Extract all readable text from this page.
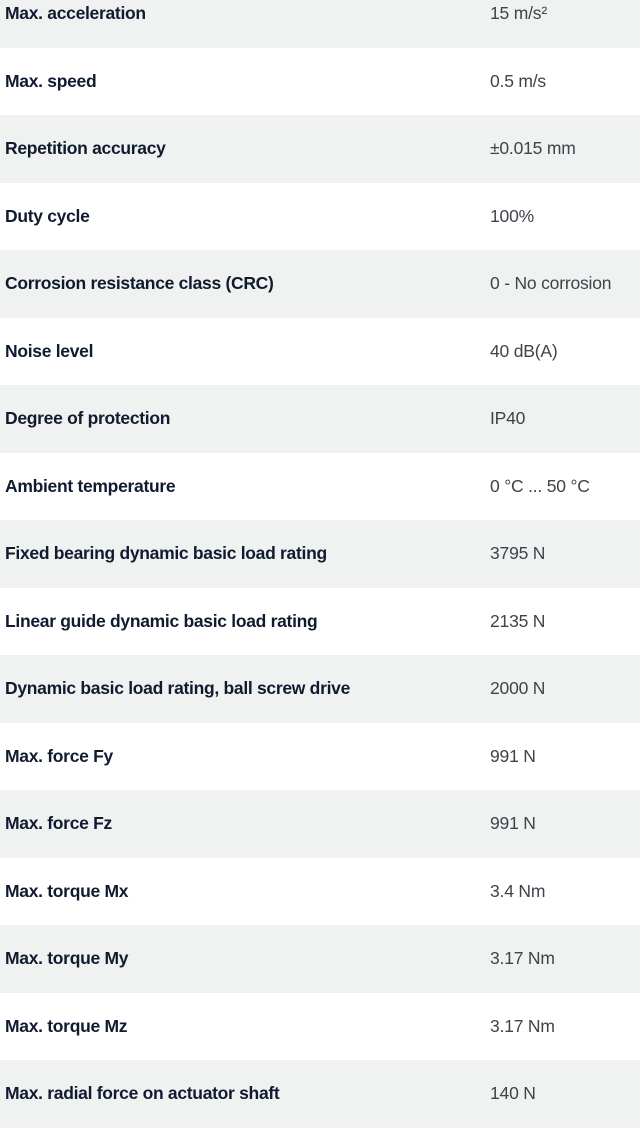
Max. acceleration	15 m/s²
Max. speed	0.5 m/s
Repetition accuracy	±0.015 mm
Duty cycle	100%
Corrosion resistance class (CRC)	0 - No corrosion
Noise level	40 dB(A)
Degree of protection	IP40
Ambient temperature	0 °C ... 50 °C
Fixed bearing dynamic basic load rating	3795 N
Linear guide dynamic basic load rating	2135 N
Dynamic basic load rating, ball screw drive	2000 N
Max. force Fy	991 N
Max. force Fz	991 N
Max. torque Mx	3.4 Nm
Max. torque My	3.17 Nm
Max. torque Mz	3.17 Nm
Max. radial force on actuator shaft	140 N
